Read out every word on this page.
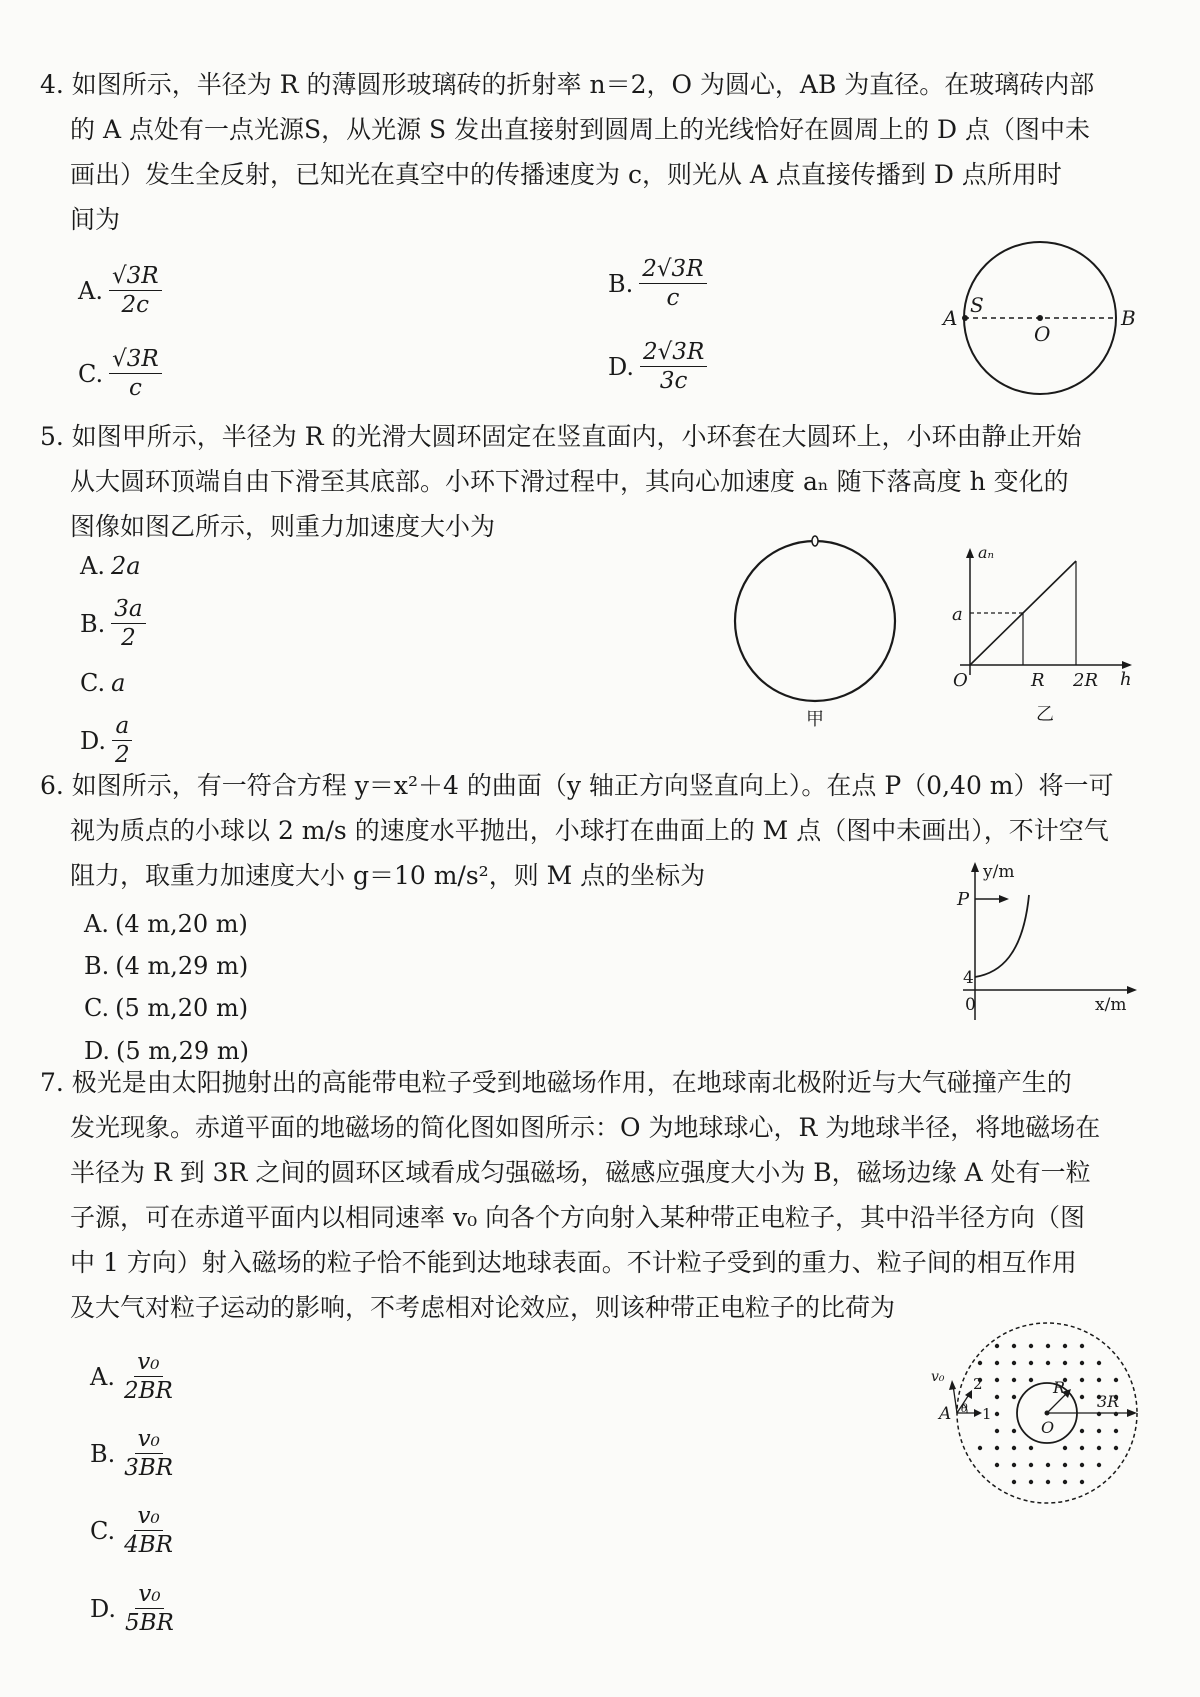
4. 如图所示，半径为 R 的薄圆形玻璃砖的折射率 n＝2，O 为圆心，AB 为直径。在玻璃砖内部

的 A 点处有一点光源S，从光源 S 发出直接射到圆周上的光线恰好在圆周上的 D 点（图中未

画出）发生全反射，已知光在真空中的传播速度为 c，则光从 A 点直接传播到 D 点所用时

间为

A. $\frac{√3R}{2c}$	B. $\frac{2√3R}{c}$
C. $\frac{√3R}{c}$	D. $\frac{2√3R}{3c}$
A
S
O
B

5. 如图甲所示，半径为 R 的光滑大圆环固定在竖直面内，小环套在大圆环上，小环由静止开始

从大圆环顶端自由下滑至其底部。小环下滑过程中，其向心加速度 aₙ 随下落高度 h 变化的

图像如图乙所示，则重力加速度大小为

A. 2a
B. $\frac{3a}{2}$
C. a
D. $\frac{a}{2}$	甲
aₙ
h
O	R 2R
a
乙

6. 如图所示，有一符合方程 y＝x²＋4 的曲面（y 轴正方向竖直向上）。在点 P（0,40 m）将一可

视为质点的小球以 2 m/s 的速度水平抛出，小球打在曲面上的 M 点（图中未画出），不计空气

阻力，取重力加速度大小 g＝10 m/s²，则 M 点的坐标为

A. (4 m,20 m)
B. (4 m,29 m)
C. (5 m,20 m)
D. (5 m,29 m)
y/m
x/m
P
4
0

7. 极光是由太阳抛射出的高能带电粒子受到地磁场作用，在地球南北极附近与大气碰撞产生的

发光现象。赤道平面的地磁场的简化图如图所示：O 为地球球心，R 为地球半径，将地磁场在

半径为 R 到 3R 之间的圆环区域看成匀强磁场，磁感应强度大小为 B，磁场边缘 A 处有一粒

子源，可在赤道平面内以相同速率 v₀ 向各个方向射入某种带正电粒子，其中沿半径方向（图

中 1 方向）射入磁场的粒子恰不能到达地球表面。不计粒子受到的重力、粒子间的相互作用

及大气对粒子运动的影响，不考虑相对论效应，则该种带正电粒子的比荷为

A. $\frac{\text{v₀}}{2BR}$
B. $\frac{\text{v₀}}{3BR}$
C. $\frac{\text{v₀}}{4BR}$
D. $\frac{\text{v₀}}{5BR}$
v₀ 2
1
A θ
R
O
3R
